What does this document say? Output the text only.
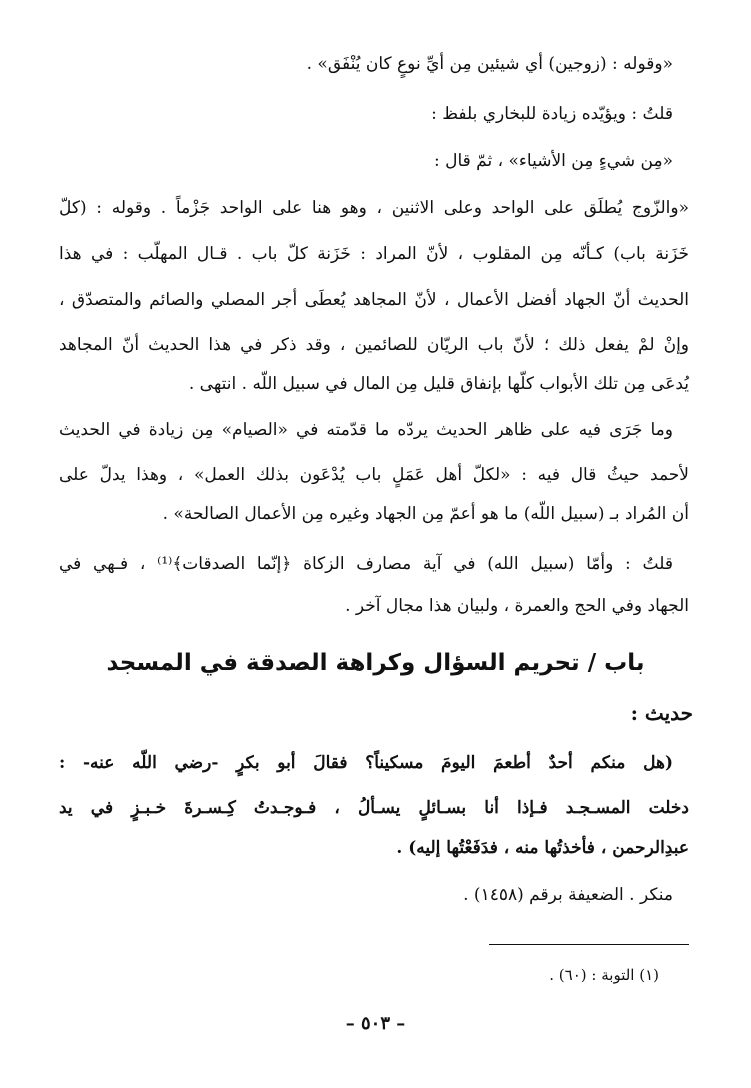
«وقوله : (زوجين) أي شيئين مِن أيِّ نوعٍ كان يُنْفَق» .
قلتُ : ويؤيّده زيادة للبخاري بلفظ :
«مِن شيءٍ مِن الأشياء» ، ثمّ قال :
«والزّوج يُطلَق على الواحد وعلى الاثنين ، وهو هنا على الواحد جَزْماً . وقوله : (كلّ
خَزَنة باب) كـأنّه مِن المقلوب ، لأنّ المراد : خَزَنة كلّ باب . قـال المهلّب : في هذا
الحديث أنّ الجهاد أفضل الأعمال ، لأنّ المجاهد يُعطَى أجر المصلي والصائم والمتصدّق ،
وإنْ لمْ يفعل ذلك ؛ لأنّ باب الريّان للصائمين ، وقد ذكر في هذا الحديث أنّ المجاهد
يُدعَى مِن تلك الأبواب كلّها بإنفاق قليل مِن المال في سبيل اللّه . انتهى .
وما جَرَى فيه على ظاهر الحديث يردّه ما قدّمته في «الصيام» مِن زيادة في الحديث
لأحمد حيثُ قال فيه : «لكلّ أهل عَمَلٍ باب يُدْعَون بذلك العمل» ، وهذا يدلّ على
أن المُراد بـ (سبيل اللّه) ما هو أعمّ مِن الجهاد وغيره مِن الأعمال الصالحة» .
قلتُ : وأمّا (سبيل الله) في آية مصارف الزكاة ﴿إنّما الصدقات﴾⁽¹⁾ ، فـهي في
الجهاد وفي الحج والعمرة ، ولبيان هذا مجال آخر .
باب / تحريم السؤال وكراهة الصدقة في المسجد
حديث :
(هل منكم أحدٌ أطعمَ اليومَ مسكيناً؟ فقالَ أبو بكرٍ -رضي اللّه عنه- :
دخلت المسـجـد فـإذا أنا بسـائلٍ يسـألُ ، فـوجـدتُ كِـسـرةَ خـبـزٍ في يد
عبدِالرحمن ، فأخذتُها منه ، فدَفَعْتُها إليه) .
منكر . الضعيفة برقم (١٤٥٨) .
(١) التوبة : (٦٠) .
– ٥٠٣ –
